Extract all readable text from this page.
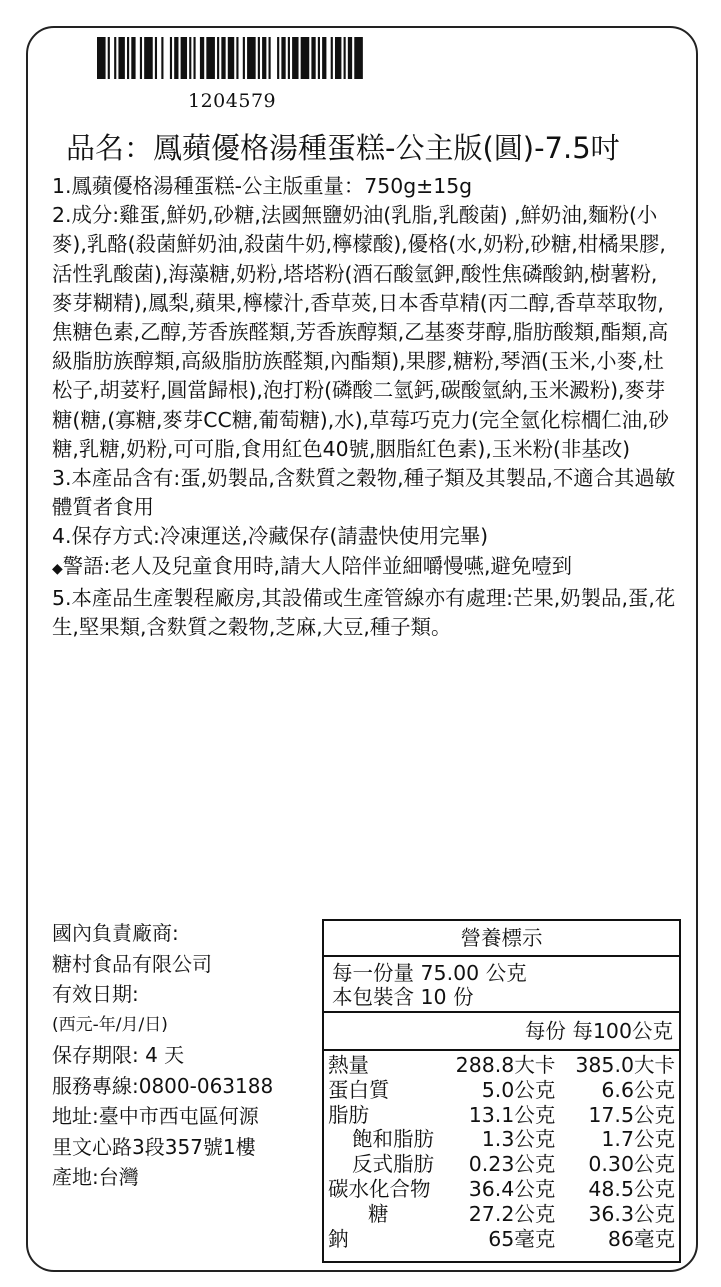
1204579
品名：鳳蘋優格湯種蛋糕-公主版(圓)-7.5吋

1.鳳蘋優格湯種蛋糕-公主版重量：750g±15g

2.成分:雞蛋,鮮奶,砂糖,法國無鹽奶油(乳脂,乳酸菌) ,鮮奶油,麵粉(小麥),乳酪(殺菌鮮奶油,殺菌牛奶,檸檬酸),優格(水,奶粉,砂糖,柑橘果膠,活性乳酸菌),海藻糖,奶粉,塔塔粉(酒石酸氫鉀,酸性焦磷酸鈉,樹薯粉,麥芽糊精),鳳梨,蘋果,檸檬汁,香草莢,日本香草精(丙二醇,香草萃取物,焦糖色素,乙醇,芳香族醛類,芳香族醇類,乙基麥芽醇,脂肪酸類,酯類,高級脂肪族醇類,高級脂肪族醛類,內酯類),果膠,糖粉,琴酒(玉米,小麥,杜松子,胡荽籽,圓當歸根),泡打粉(磷酸二氫鈣,碳酸氫納,玉米澱粉),麥芽糖(糖,(寡糖,麥芽CC糖,葡萄糖),水),草莓巧克力(完全氫化棕櫚仁油,砂糖,乳糖,奶粉,可可脂,食用紅色40號,胭脂紅色素),玉米粉(非基改)

3.本產品含有:蛋,奶製品,含麩質之穀物,種子類及其製品,不適合其過敏體質者食用

4.保存方式:冷凍運送,冷藏保存(請盡快使用完畢)

◆警語:老人及兒童食用時,請大人陪伴並細嚼慢嚥,避免噎到

5.本產品生產製程廠房,其設備或生產管線亦有處理:芒果,奶製品,蛋,花生,堅果類,含麩質之穀物,芝麻,大豆,種子類。

國內負責廠商:
糖村食品有限公司
有效日期:
(西元-年/月/日)
保存期限: 4 天
服務專線:0800-063188
地址:臺中市西屯區何源
里文心路3段357號1樓
產地:台灣
營養標示
每一份量 75.00 公克
本包裝含 10 份
每份 每100公克
熱量	288.8大卡 385.0大卡
蛋白質	5.0公克	6.6公克
脂肪	13.1公克	17.5公克
飽和脂肪	1.3公克	1.7公克
反式脂肪	0.23公克	0.30公克
碳水化合物	36.4公克	48.5公克
糖	27.2公克	36.3公克
鈉	65毫克	86毫克
